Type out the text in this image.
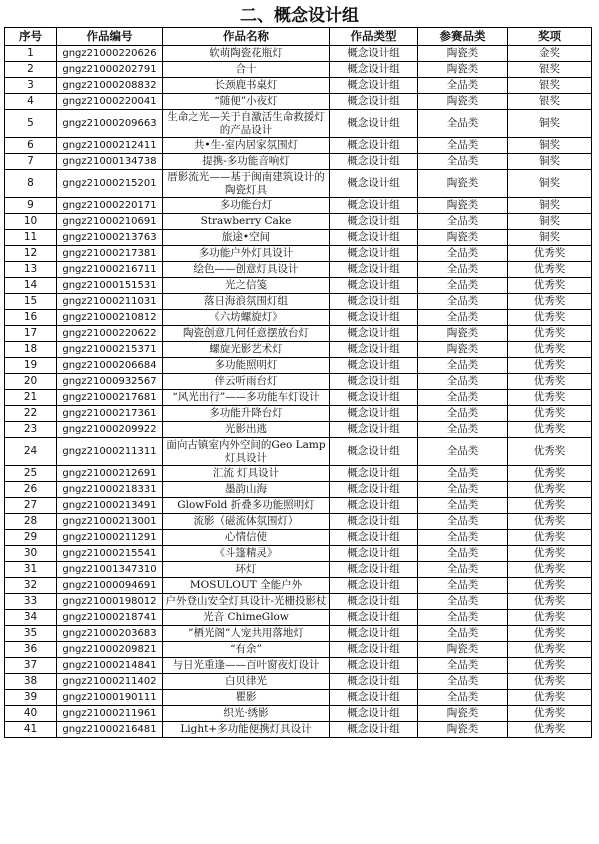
二、概念设计组
序号	作品编号	作品名称	作品类型	参赛品类	奖项
1	gngz21000220626	软萌陶瓷花瓶灯	概念设计组	陶瓷类	金奖
2	gngz21000202791	合十	概念设计组	陶瓷类	银奖
3	gngz21000208832	长颈鹿书桌灯	概念设计组	全品类	银奖
4	gngz21000220041	“随便”小夜灯	概念设计组	陶瓷类	银奖
5	gngz21000209663	生命之光—关于自激活生命救援灯的产品设计	概念设计组	全品类	铜奖
6	gngz21000212411	共•生-室内居家氛围灯	概念设计组	全品类	铜奖
7	gngz21000134738	提携-多功能音响灯	概念设计组	全品类	铜奖
8	gngz21000215201	厝影流光——基于闽南建筑设计的陶瓷灯具	概念设计组	陶瓷类	铜奖
9	gngz21000220171	多功能台灯	概念设计组	陶瓷类	铜奖
10	gngz21000210691	Strawberry Cake	概念设计组	全品类	铜奖
11	gngz21000213763	旅途•空间	概念设计组	陶瓷类	铜奖
12	gngz21000217381	多功能户外灯具设计	概念设计组	全品类	优秀奖
13	gngz21000216711	绘色——创意灯具设计	概念设计组	全品类	优秀奖
14	gngz21000151531	光之信笺	概念设计组	全品类	优秀奖
15	gngz21000211031	落日海浪氛围灯组	概念设计组	全品类	优秀奖
16	gngz21000210812	《六坊螺旋灯》	概念设计组	全品类	优秀奖
17	gngz21000220622	陶瓷创意几何任意摆放台灯	概念设计组	陶瓷类	优秀奖
18	gngz21000215371	螺旋光影艺术灯	概念设计组	陶瓷类	优秀奖
19	gngz21000206684	多功能照明灯	概念设计组	全品类	优秀奖
20	gngz21000932567	伴云听雨台灯	概念设计组	全品类	优秀奖
21	gngz21000217681	“风光出行”——多功能车灯设计	概念设计组	全品类	优秀奖
22	gngz21000217361	多功能升降台灯	概念设计组	全品类	优秀奖
23	gngz21000209922	光影出逃	概念设计组	全品类	优秀奖
24	gngz21000211311	面向古镇室内外空间的Geo Lamp灯具设计	概念设计组	全品类	优秀奖
25	gngz21000212691	汇流 灯具设计	概念设计组	全品类	优秀奖
26	gngz21000218331	墨韵山海	概念设计组	全品类	优秀奖
27	gngz21000213491	GlowFold 折叠多功能照明灯	概念设计组	全品类	优秀奖
28	gngz21000213001	流影（磁流体氛围灯）	概念设计组	全品类	优秀奖
29	gngz21000211291	心情信使	概念设计组	全品类	优秀奖
30	gngz21000215541	《斗篷精灵》	概念设计组	全品类	优秀奖
31	gngz21001347310	环灯	概念设计组	全品类	优秀奖
32	gngz21000094691	MOSULOUT 全能户外	概念设计组	全品类	优秀奖
33	gngz21000198012	户外登山安全灯具设计-光栅投影杖	概念设计组	全品类	优秀奖
34	gngz21000218741	光音 ChimeGlow	概念设计组	全品类	优秀奖
35	gngz21000203683	”栖光阁”人宠共用落地灯	概念设计组	全品类	优秀奖
36	gngz21000209821	“有余”	概念设计组	陶瓷类	优秀奖
37	gngz21000214841	与日光重逢——百叶窗夜灯设计	概念设计组	全品类	优秀奖
38	gngz21000211402	白贝律光	概念设计组	全品类	优秀奖
39	gngz21000190111	瞿影	概念设计组	全品类	优秀奖
40	gngz21000211961	织光·绣影	概念设计组	陶瓷类	优秀奖
41	gngz21000216481	Light+多功能便携灯具设计	概念设计组	陶瓷类	优秀奖
